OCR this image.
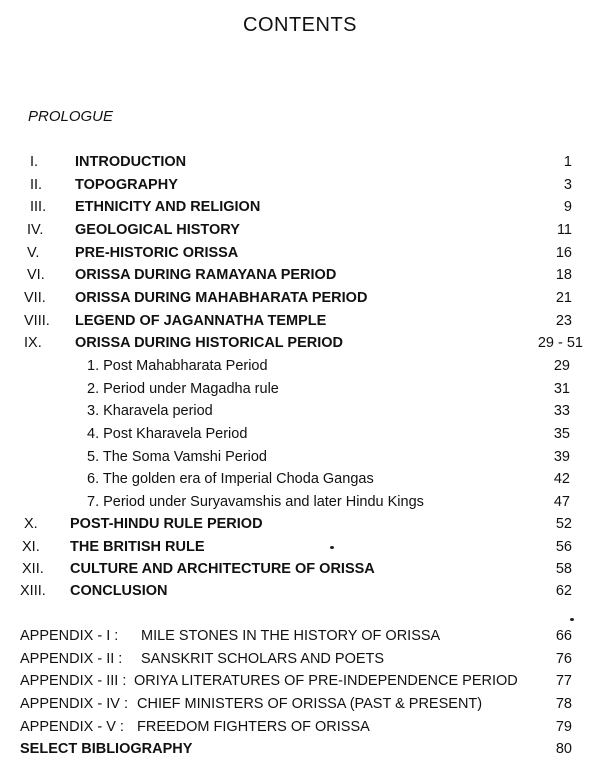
CONTENTS
PROLOGUE
I.	INTRODUCTION	1
II. TOPOGRAPHY	3
III. ETHNICITY AND RELIGION	9
IV. GEOLOGICAL HISTORY	11
V. PRE-HISTORIC ORISSA	16
VI. ORISSA DURING RAMAYANA PERIOD	18
VII. ORISSA DURING MAHABHARATA PERIOD	21
VIII. LEGEND OF JAGANNATHA TEMPLE	23
IX. ORISSA DURING HISTORICAL PERIOD	29 - 51
1. Post Mahabharata Period	29
2. Period under Magadha rule	31
3. Kharavela period	33
4. Post Kharavela Period	35
5. The Soma Vamshi Period	39
6. The golden era of Imperial Choda Gangas	42
7. Period under Suryavamshis and later Hindu Kings	47
X. POST-HINDU RULE PERIOD	52
XI. THE BRITISH RULE	56
XII. CULTURE AND ARCHITECTURE OF ORISSA	58
XIII. CONCLUSION	62
APPENDIX - I : MILE STONES IN THE HISTORY OF ORISSA	66
APPENDIX - II : SANSKRIT SCHOLARS AND POETS	76
APPENDIX - III : ORIYA LITERATURES OF PRE-INDEPENDENCE PERIOD	77
APPENDIX - IV : CHIEF MINISTERS OF ORISSA (PAST & PRESENT)	78
APPENDIX - V : FREEDOM FIGHTERS OF ORISSA	79
SELECT BIBLIOGRAPHY	80
